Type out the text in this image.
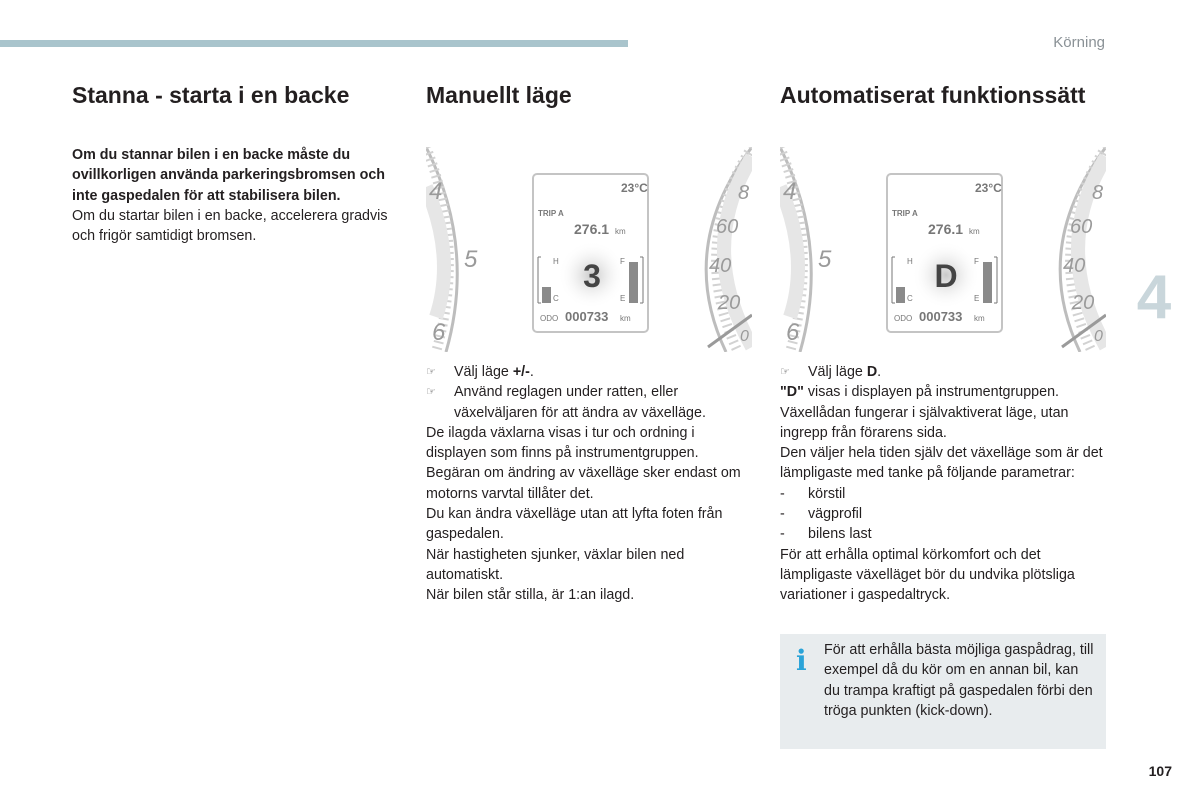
Körning
4
107
Stanna - starta i en backe

Om du stannar bilen i en backe måste du ovillkorligen använda parkeringsbromsen och inte gaspedalen för att stabilisera bilen.

Om du startar bilen i en backe, accelerera gradvis och frigör samtidigt bromsen.

Manuellt läge	Automatiserat funktionssätt
4
5
6
8
60
40
20
0
23°C
TRIP A
276.1 km
3
H
C
F
E
ODO 000733 km
4
5
6
8
60
40
20
0
23°C
TRIP A
276.1 km
D
H
C
F
E
ODO 000733 km
☞	Välj läge +/-.
☞	Använd reglagen under ratten, eller växelväljaren för att ändra av växelläge.

De ilagda växlarna visas i tur och ordning i displayen som finns på instrumentgruppen.

Begäran om ändring av växelläge sker endast om motorns varvtal tillåter det.

Du kan ändra växelläge utan att lyfta foten från gaspedalen.

När hastigheten sjunker, växlar bilen ned automatiskt.

När bilen står stilla, är 1:an ilagd.

☞	Välj läge D.

"D" visas i displayen på instrumentgruppen.

Växellådan fungerar i självaktiverat läge, utan ingrepp från förarens sida.

Den väljer hela tiden själv det växelläge som är det lämpligaste med tanke på följande parametrar:

-	körstil
-	vägprofil
-	bilens last

För att erhålla optimal körkomfort och det lämpligaste växelläget bör du undvika plötsliga variationer i gaspedaltryck.

i För att erhålla bästa möjliga gaspådrag, till exempel då du kör om en annan bil, kan du trampa kraftigt på gaspedalen förbi den tröga punkten (kick-down).
